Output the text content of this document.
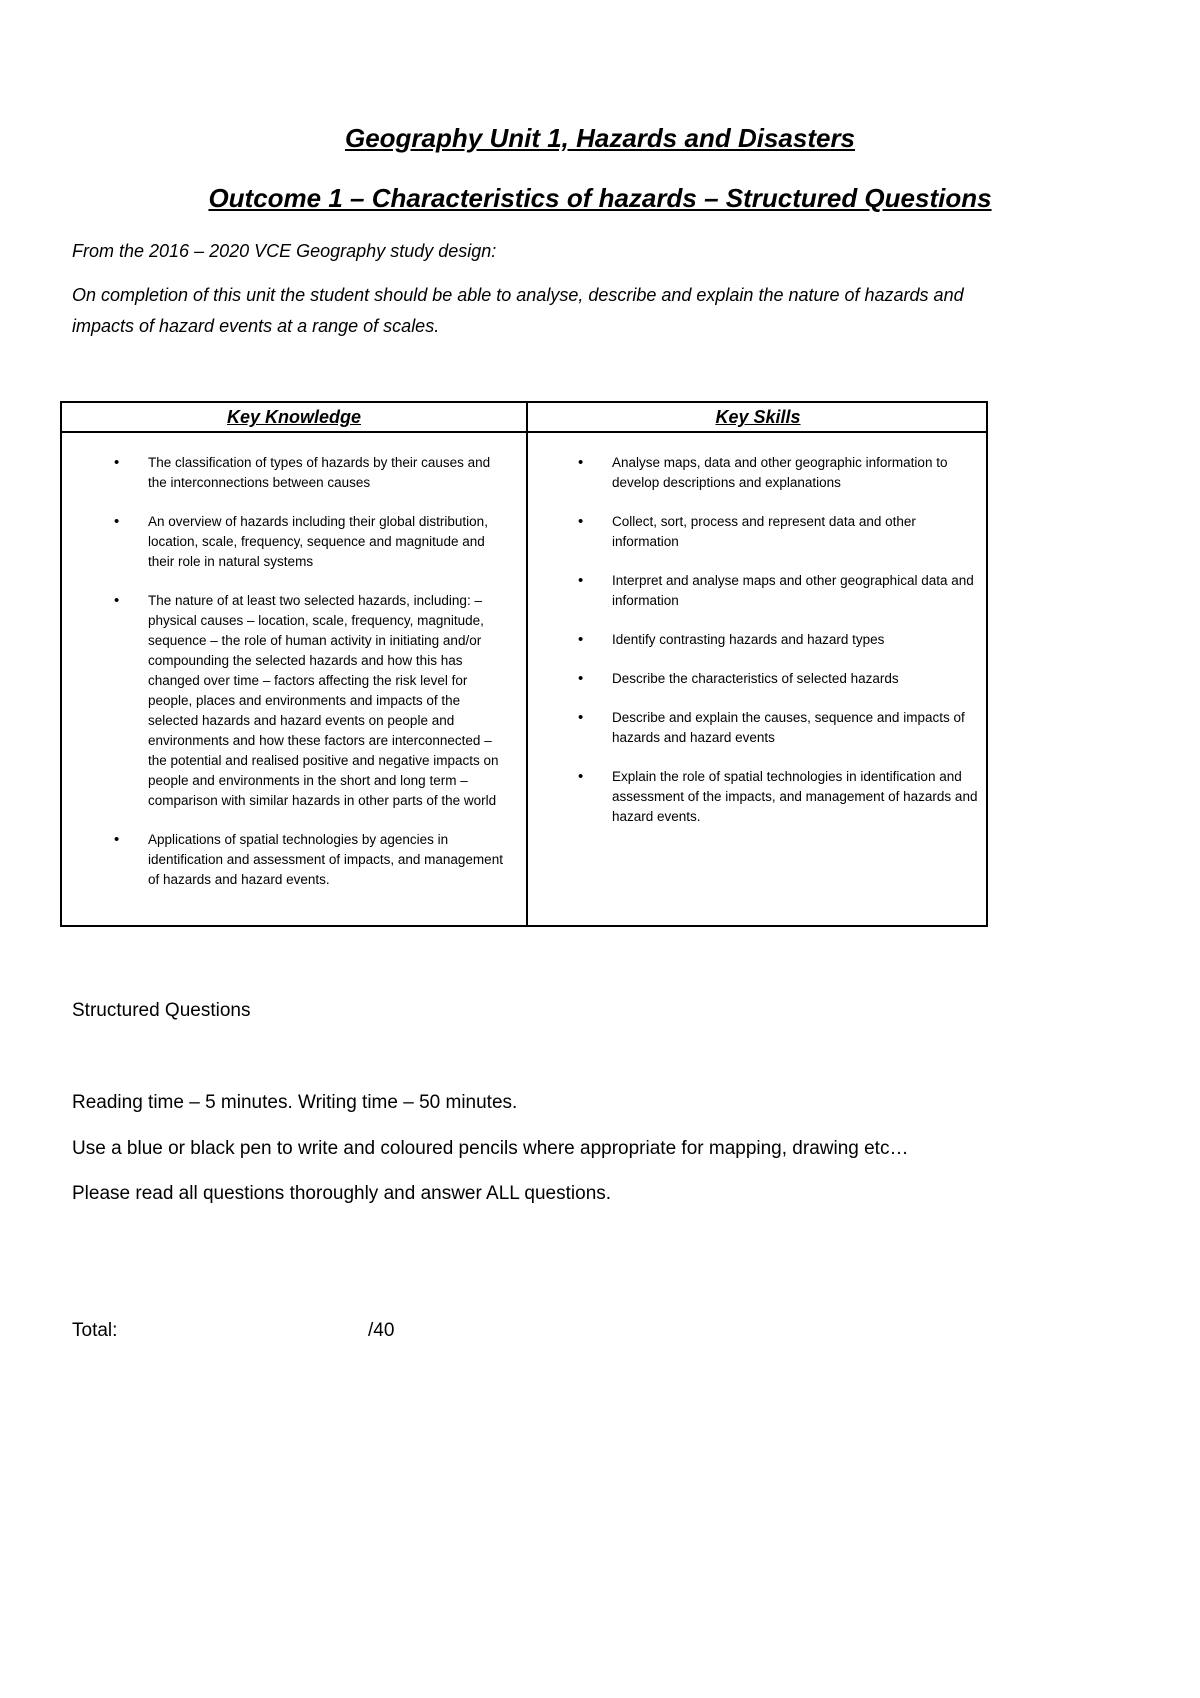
Geography Unit 1, Hazards and Disasters
Outcome 1 – Characteristics of hazards – Structured Questions

From the 2016 – 2020 VCE Geography study design:

On completion of this unit the student should be able to analyse, describe and explain the nature of hazards and
impacts of hazard events at a range of scales.

Key Knowledge	Key Skills
• The classification of types of hazards by their causes and the interconnections between causes
• An overview of hazards including their global distribution, location, scale, frequency, sequence and magnitude and their role in natural systems
• The nature of at least two selected hazards, including: – physical causes – location, scale, frequency, magnitude, sequence – the role of human activity in initiating and/or compounding the selected hazards and how this has changed over time – factors affecting the risk level for people, places and environments and impacts of the selected hazards and hazard events on people and environments and how these factors are interconnected – the potential and realised positive and negative impacts on people and environments in the short and long term – comparison with similar hazards in other parts of the world
• Applications of spatial technologies by agencies in identification and assessment of impacts, and management of hazards and hazard events.
• Analyse maps, data and other geographic information to develop descriptions and explanations
• Collect, sort, process and represent data and other information
• Interpret and analyse maps and other geographical data and information
• Identify contrasting hazards and hazard types
• Describe the characteristics of selected hazards
• Describe and explain the causes, sequence and impacts of hazards and hazard events
• Explain the role of spatial technologies in identification and assessment of the impacts, and management of hazards and hazard events.

Structured Questions

Reading time – 5 minutes. Writing time – 50 minutes.

Use a blue or black pen to write and coloured pencils where appropriate for mapping, drawing etc…

Please read all questions thoroughly and answer ALL questions.

Total:	/40
